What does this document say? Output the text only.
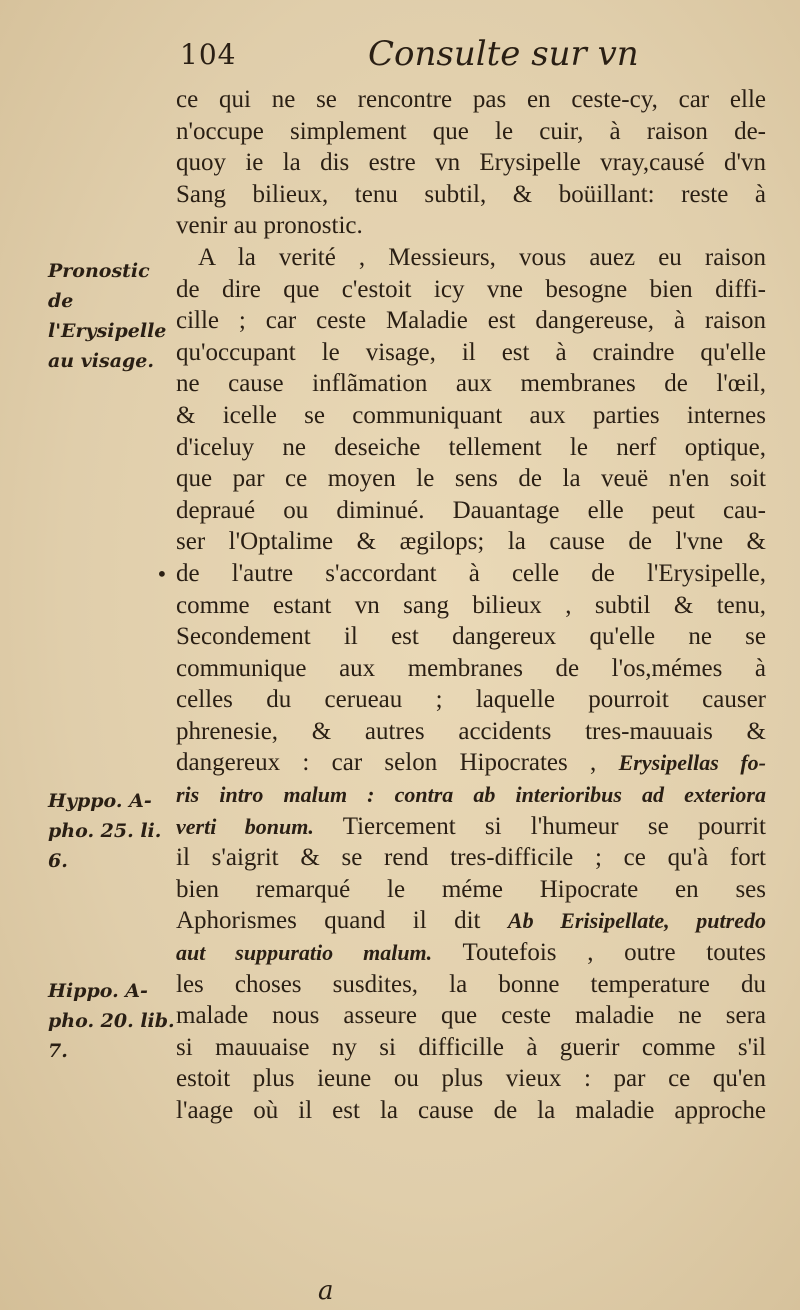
104	Consulte sur vn
Pronostic de l'Erysipelle au visage.
Hyppo. A-pho. 25. li. 6.
Hippo. A-pho. 20. lib. 7.
•
ce qui ne se rencontre pas en ceste-cy, car elle
n'occupe simplement que le cuir, à raison de-
quoy ie la dis estre vn Erysipelle vray,causé d'vn
Sang bilieux, tenu subtil, & boüillant: reste à
venir au pronostic.
A la verité , Messieurs, vous auez eu raison
de dire que c'estoit icy vne besogne bien diffi-
cille ; car ceste Maladie est dangereuse, à raison
qu'occupant le visage, il est à craindre qu'elle
ne cause inflãmation aux membranes de l'œil,
& icelle se communiquant aux parties internes
d'iceluy ne deseiche tellement le nerf optique,
que par ce moyen le sens de la veuë n'en soit
depraué ou diminué. Dauantage elle peut cau-
ser l'Optalime & ægilops; la cause de l'vne &
de l'autre s'accordant à celle de l'Erysipelle,
comme estant vn sang bilieux , subtil & tenu,
Secondement il est dangereux qu'elle ne se
communique aux membranes de l'os,mémes à
celles du cerueau ; laquelle pourroit causer
phrenesie, & autres accidents tres-mauuais &
dangereux : car selon Hipocrates , Erysipellas fo-
ris intro malum : contra ab interioribus ad exteriora
verti bonum. Tiercement si l'humeur se pourrit
il s'aigrit & se rend tres-difficile ; ce qu'à fort
bien remarqué le méme Hipocrate en ses
Aphorismes quand il dit Ab Erisipellate, putredo
aut suppuratio malum. Toutefois , outre toutes
les choses susdites, la bonne temperature du
malade nous asseure que ceste maladie ne sera
si mauuaise ny si difficille à guerir comme s'il
estoit plus ieune ou plus vieux : par ce qu'en
l'aage où il est la cause de la maladie approche
a
